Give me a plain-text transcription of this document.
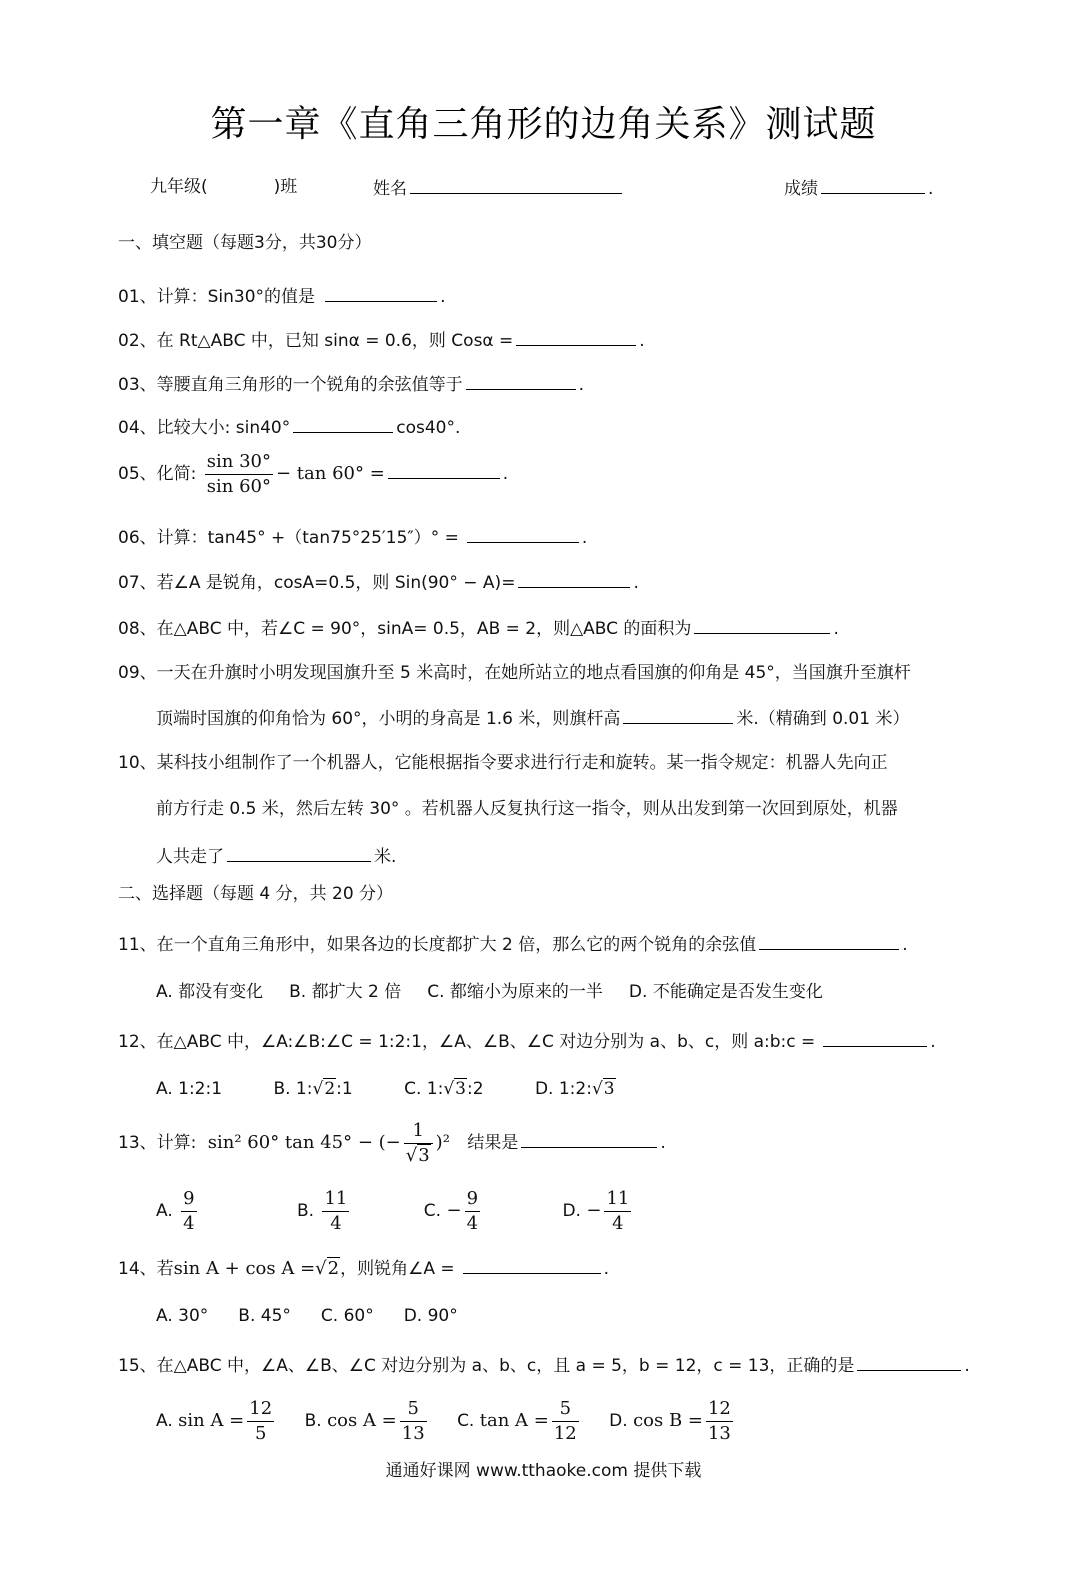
第一章《直角三角形的边角关系》测试题
九年级(	)班	姓名	成绩	.
一、填空题（每题3分，共30分）
01、计算：Sin30°的值是	.
02、在 Rt△ABC 中，已知 sinα = 0.6，则 Cosα =	.
03、等腰直角三角形的一个锐角的余弦值等于	.
04、比较大小: sin40°	cos40°.
05、化简: $\frac{\sin 30^\circ}{\sin 60^\circ} - \tan 60^\circ$ =	.
06、计算：tan45° +（tan75°25′15″）° =	.
07、若∠A 是锐角，cosA=0.5，则 Sin(90° − A)=	.
08、在△ABC 中，若∠C = 90°，sinA= 0.5，AB = 2，则△ABC 的面积为	.
09、一天在升旗时小明发现国旗升至 5 米高时，在她所站立的地点看国旗的仰角是 45°，当国旗升至旗杆
顶端时国旗的仰角恰为 60°，小明的身高是 1.6 米，则旗杆高	米.（精确到 0.01 米）
10、某科技小组制作了一个机器人，它能根据指令要求进行行走和旋转。某一指令规定：机器人先向正
前方行走 0.5 米，然后左转 30° 。若机器人反复执行这一指令，则从出发到第一次回到原处，机器
人共走了	米.
二、选择题（每题 4 分，共 20 分）
11、在一个直角三角形中，如果各边的长度都扩大 2 倍，那么它的两个锐角的余弦值	.
A. 都没有变化 B. 都扩大 2 倍 C. 都缩小为原来的一半 D. 不能确定是否发生变化
12、在△ABC 中，∠A:∠B:∠C = 1:2:1，∠A、∠B、∠C 对边分别为 a、b、c，则 a:b:c =	.
A. 1:2:1	B. 1:√2:1	C. 1:√3:2	D. 1:2:√3
13、计算: sin² 60° tan 45° − (− $\frac{1}{√3} )^2$ 结果是	.
A. $\frac{9}{4}$	B. $\frac{11}{4}$	C. − $\frac{9}{4}$	D. − $\frac{11}{4}$
14、若sin A + cos A =√2，则锐角∠A =	.
A. 30° B. 45° C. 60° D. 90°
15、在△ABC 中，∠A、∠B、∠C 对边分别为 a、b、c，且 a = 5，b = 12，c = 13，正确的是	.
A. $\sin A = \frac{12}{5} B$. $\cos A = \frac{5}{13} C$. $\tan A = \frac{5}{12} D$. $\cos B = \frac{12}{13}$
通通好课网 www.tthaoke.com 提供下载
